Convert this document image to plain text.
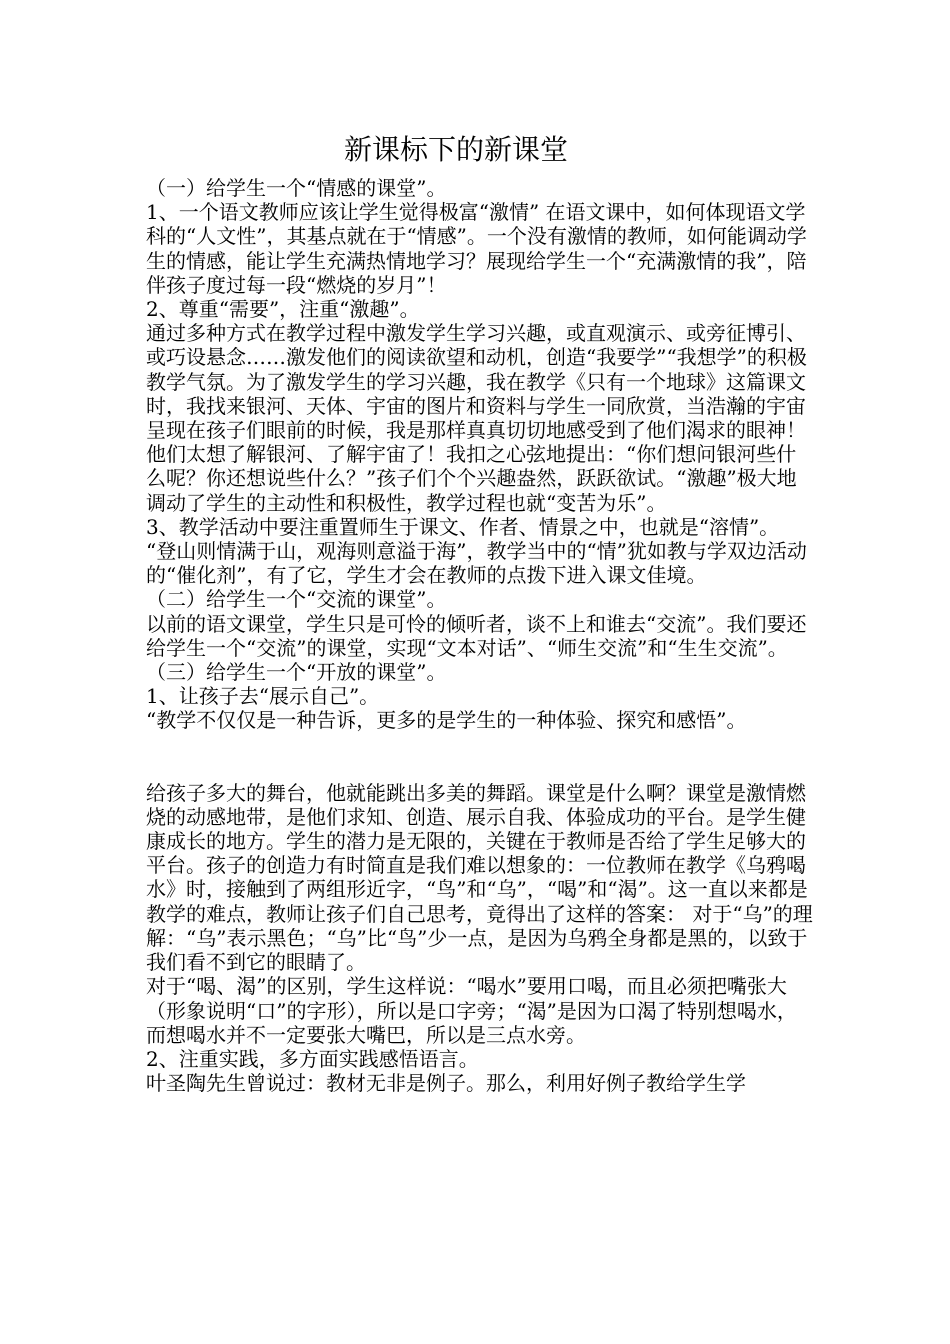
新课标下的新课堂

（一）给学生一个“情感的课堂”。

1、一个语文教师应该让学生觉得极富“激情” 在语文课中，如何体现语文学科的“人文性”，其基点就在于“情感”。一个没有激情的教师，如何能调动学生的情感，能让学生充满热情地学习？展现给学生一个“充满激情的我”，陪伴孩子度过每一段“燃烧的岁月”！

2、尊重“需要”，注重“激趣”。

通过多种方式在教学过程中激发学生学习兴趣，或直观演示、或旁征博引、或巧设悬念……激发他们的阅读欲望和动机，创造“我要学”“我想学”的积极教学气氛。为了激发学生的学习兴趣，我在教学《只有一个地球》这篇课文时，我找来银河、天体、宇宙的图片和资料与学生一同欣赏，当浩瀚的宇宙呈现在孩子们眼前的时候，我是那样真真切切地感受到了他们渴求的眼神！他们太想了解银河、了解宇宙了！我扣之心弦地提出：“你们想问银河些什么呢？你还想说些什么？”孩子们个个兴趣盎然，跃跃欲试。“激趣”极大地调动了学生的主动性和积极性，教学过程也就“变苦为乐”。

3、教学活动中要注重置师生于课文、作者、情景之中，也就是“溶情”。

“登山则情满于山，观海则意溢于海”，教学当中的“情”犹如教与学双边活动的“催化剂”，有了它，学生才会在教师的点拨下进入课文佳境。

（二）给学生一个“交流的课堂”。

以前的语文课堂，学生只是可怜的倾听者，谈不上和谁去“交流”。我们要还给学生一个“交流”的课堂，实现“文本对话”、“师生交流”和“生生交流”。

（三）给学生一个“开放的课堂”。

1、让孩子去“展示自己”。

“教学不仅仅是一种告诉，更多的是学生的一种体验、探究和感悟”。

给孩子多大的舞台，他就能跳出多美的舞蹈。课堂是什么啊？课堂是激情燃烧的动感地带，是他们求知、创造、展示自我、体验成功的平台。是学生健康成长的地方。学生的潜力是无限的，关键在于教师是否给了学生足够大的平台。孩子的创造力有时简直是我们难以想象的：一位教师在教学《乌鸦喝水》时，接触到了两组形近字，“鸟”和“乌”，“喝”和“渴”。这一直以来都是教学的难点，教师让孩子们自己思考，竟得出了这样的答案： 对于“乌”的理解：“乌”表示黑色；“乌”比“鸟”少一点，是因为乌鸦全身都是黑的，以致于我们看不到它的眼睛了。

对于“喝、渴”的区别，学生这样说：“喝水”要用口喝，而且必须把嘴张大（形象说明“口”的字形），所以是口字旁；“渴”是因为口渴了特别想喝水，而想喝水并不一定要张大嘴巴，所以是三点水旁。

2、注重实践，多方面实践感悟语言。

叶圣陶先生曾说过：教材无非是例子。那么，利用好例子教给学生学
